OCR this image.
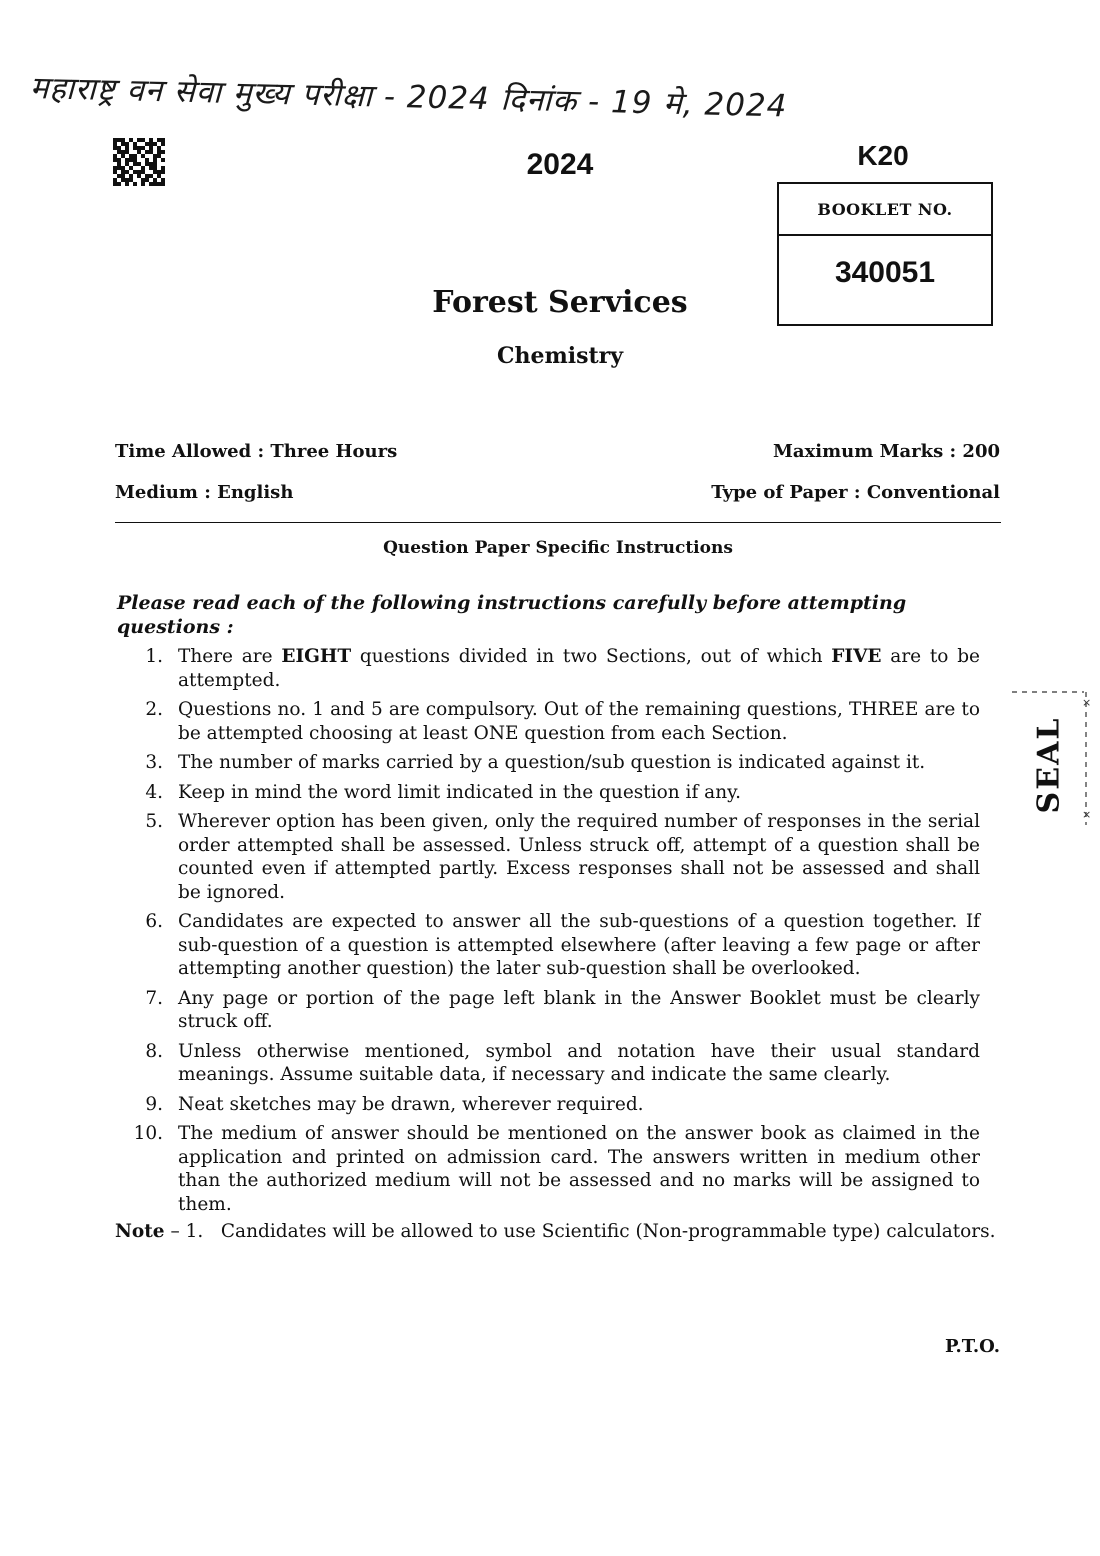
महाराष्ट्र वन सेवा मुख्य परीक्षा - 2024 दिनांक - 19 मे, 2024
2024	K20
BOOKLET NO.
340051
Forest Services
Chemistry
Time Allowed : Three Hours	Maximum Marks : 200
Medium : English	Type of Paper : Conventional
Question Paper Specific Instructions
Please read each of the following instructions carefully before attempting questions :
1. There are EIGHT questions divided in two Sections, out of which FIVE are to be attempted.
2. Questions no. 1 and 5 are compulsory. Out of the remaining questions, THREE are to be attempted choosing at least ONE question from each Section.
3. The number of marks carried by a question/sub question is indicated against it.
4. Keep in mind the word limit indicated in the question if any.
5. Wherever option has been given, only the required number of responses in the serial order attempted shall be assessed. Unless struck off, attempt of a question shall be counted even if attempted partly. Excess responses shall not be assessed and shall be ignored.
6. Candidates are expected to answer all the sub-questions of a question together. If sub-question of a question is attempted elsewhere (after leaving a few page or after attempting another question) the later sub-question shall be overlooked.
7. Any page or portion of the page left blank in the Answer Booklet must be clearly struck off.
8. Unless otherwise mentioned, symbol and notation have their usual standard meanings. Assume suitable data, if necessary and indicate the same clearly.
9. Neat sketches may be drawn, wherever required.
10. The medium of answer should be mentioned on the answer book as claimed in the application and printed on admission card. The answers written in medium other than the authorized medium will not be assessed and no marks will be assigned to them.
Note – 1. Candidates will be allowed to use Scientific (Non-programmable type) calculators.
P.T.O.
×
×
SEAL
